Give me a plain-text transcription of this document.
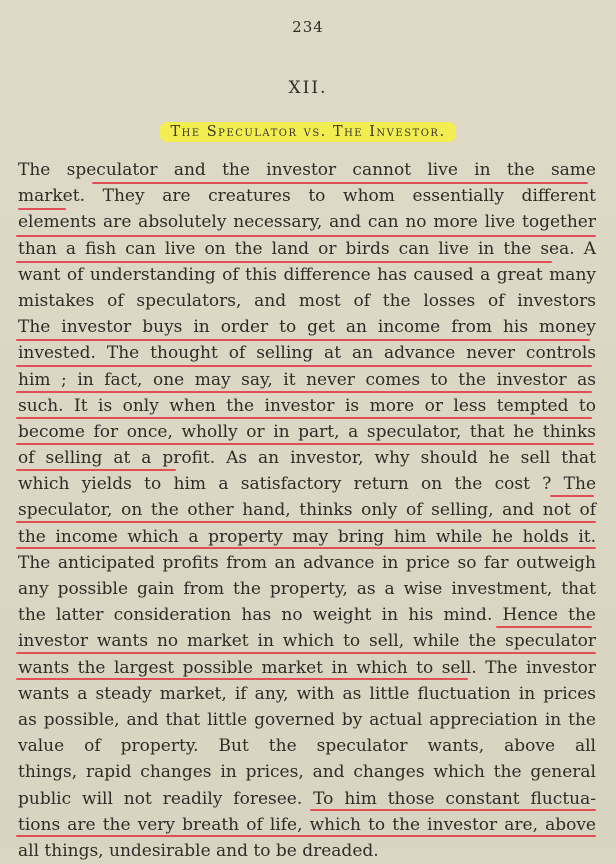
234
XII.
The Speculator vs. The Investor.
The speculator and the investor cannot live in the same
market. They are creatures to whom essentially different
elements are absolutely necessary, and can no more live together
than a fish can live on the land or birds can live in the sea. A
want of understanding of this difference has caused a great many
mistakes of speculators, and most of the losses of investors
The investor buys in order to get an income from his money
invested. The thought of selling at an advance never controls
him ; in fact, one may say, it never comes to the investor as
such. It is only when the investor is more or less tempted to
become for once, wholly or in part, a speculator, that he thinks
of selling at a profit. As an investor, why should he sell that
which yields to him a satisfactory return on the cost ? The
speculator, on the other hand, thinks only of selling, and not of
the income which a property may bring him while he holds it.
The anticipated profits from an advance in price so far outweigh
any possible gain from the property, as a wise investment, that
the latter consideration has no weight in his mind. Hence the
investor wants no market in which to sell, while the speculator
wants the largest possible market in which to sell. The investor
wants a steady market, if any, with as little fluctuation in prices
as possible, and that little governed by actual appreciation in the
value of property. But the speculator wants, above all
things, rapid changes in prices, and changes which the general
public will not readily foresee. To him those constant fluctua-
tions are the very breath of life, which to the investor are, above
all things, undesirable and to be dreaded.
